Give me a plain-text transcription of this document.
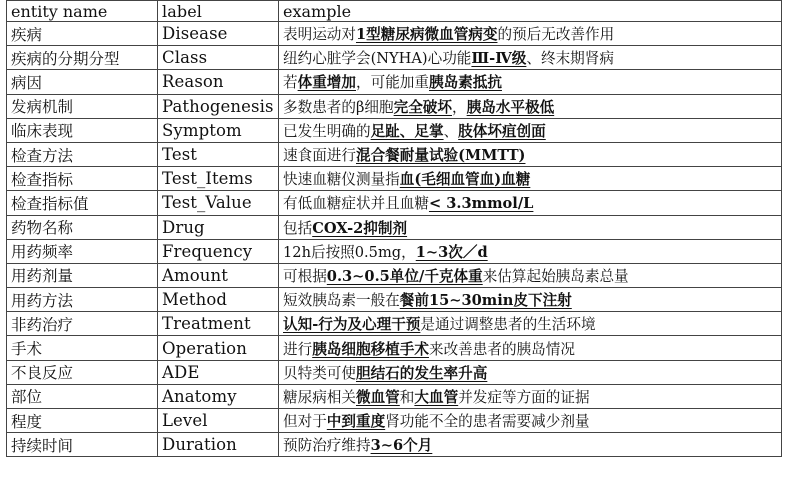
entity name	label	example
疾病	Disease	表明运动对1型糖尿病微血管病变的预后无改善作用
疾病的分期分型	Class	纽约心脏学会(NYHA)心功能Ⅲ-Ⅳ级、终末期肾病
病因	Reason	若体重增加，可能加重胰岛素抵抗
发病机制	Pathogenesis	多数患者的β细胞完全破坏，胰岛水平极低
临床表现	Symptom	已发生明确的足趾、足掌、肢体坏疽创面
检查方法	Test	速食面进行混合餐耐量试验(MMTT)
检查指标	Test_Items	快速血糖仪测量指血(毛细血管血)血糖
检查指标值	Test_Value	有低血糖症状并且血糖< 3.3mmol/L
药物名称	Drug	包括COX-2抑制剂
用药频率	Frequency	12h后按照0.5mg，1∼3次／d
用药剂量	Amount	可根据0.3∼0.5单位/千克体重来估算起始胰岛素总量
用药方法	Method	短效胰岛素一般在餐前15∼30min皮下注射
非药治疗	Treatment	认知-行为及心理干预是通过调整患者的生活环境
手术	Operation	进行胰岛细胞移植手术来改善患者的胰岛情况
不良反应	ADE	贝特类可使胆结石的发生率升高
部位	Anatomy	糖尿病相关微血管和大血管并发症等方面的证据
程度	Level	但对于中到重度肾功能不全的患者需要减少剂量
持续时间	Duration	预防治疗维持3∼6个月
